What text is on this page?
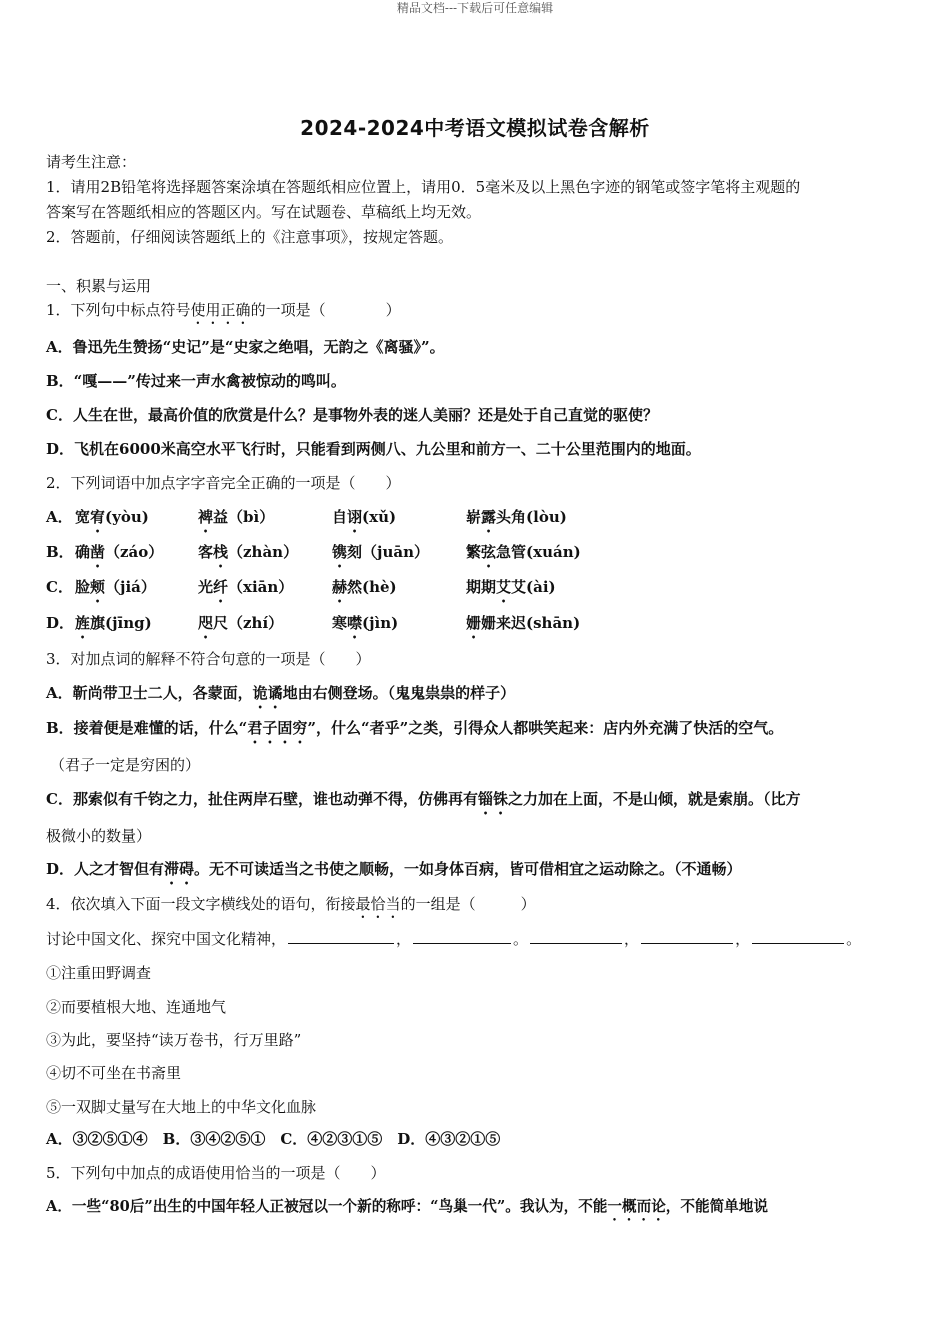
精品文档---下载后可任意编辑
2024-2024中考语文模拟试卷含解析
请考生注意：
1．请用2B铅笔将选择题答案涂填在答题纸相应位置上，请用0．5毫米及以上黑色字迹的钢笔或签字笔将主观题的
答案写在答题纸相应的答题区内。写在试题卷、草稿纸上均无效。
2．答题前，仔细阅读答题纸上的《注意事项》，按规定答题。
一、积累与运用
1．下列句中标点符号使用正确的一项是（　　　　）
A．鲁迅先生赞扬“史记”是“史家之绝唱，无韵之《离骚》”。
B．“嘎——”传过来一声水禽被惊动的鸣叫。
C．人生在世，最高价值的欣赏是什么？是事物外表的迷人美丽？还是处于自己直觉的驱使？
D．飞机在6000米高空水平飞行时，只能看到两侧八、九公里和前方一、二十公里范围内的地面。
2．下列词语中加点字字音完全正确的一项是（　　）
A． 宽宥(yòu)	裨益（bì）	自诩(xǔ)	崭露头角(lòu)
B． 确凿（záo） 客栈（zhàn） 镌刻（juān） 繁弦急管(xuán)
C． 脸颊（jiá）	光纤（xiān）	赫然(hè)	期期艾艾(ài)
D． 旌旗(jīng)	咫尺（zhí）	寒噤(jìn)	姗姗来迟(shān)
3．对加点词的解释不符合句意的一项是（　　）
A．靳尚带卫士二人，各蒙面，诡谲地由右侧登场。（鬼鬼祟祟的样子）
B．接着便是难懂的话，什么“君子固穷”，什么“者乎”之类，引得众人都哄笑起来：店内外充满了快活的空气。
（君子一定是穷困的）
C．那索似有千钧之力，扯住两岸石壁，谁也动弹不得，仿佛再有锱铢之力加在上面，不是山倾，就是索崩。（比方
极微小的数量）
D．人之才智但有滞碍。无不可读适当之书使之顺畅，一如身体百病，皆可借相宜之运动除之。（不通畅）
4．依次填入下面一段文字横线处的语句，衔接最恰当的一组是（　　　）
讨论中国文化、探究中国文化精神，	，	。	，	，	。
①注重田野调查
②而要植根大地、连通地气
③为此，要坚持“读万卷书，行万里路”
④切不可坐在书斋里
⑤一双脚丈量写在大地上的中华文化血脉
A．③②⑤①④　B．③④②⑤①　C．④②③①⑤　D．④③②①⑤
5．下列句中加点的成语使用恰当的一项是（　　）
A．一些“80后”出生的中国年轻人正被冠以一个新的称呼：“鸟巢一代”。我认为，不能一概而论，不能简单地说
